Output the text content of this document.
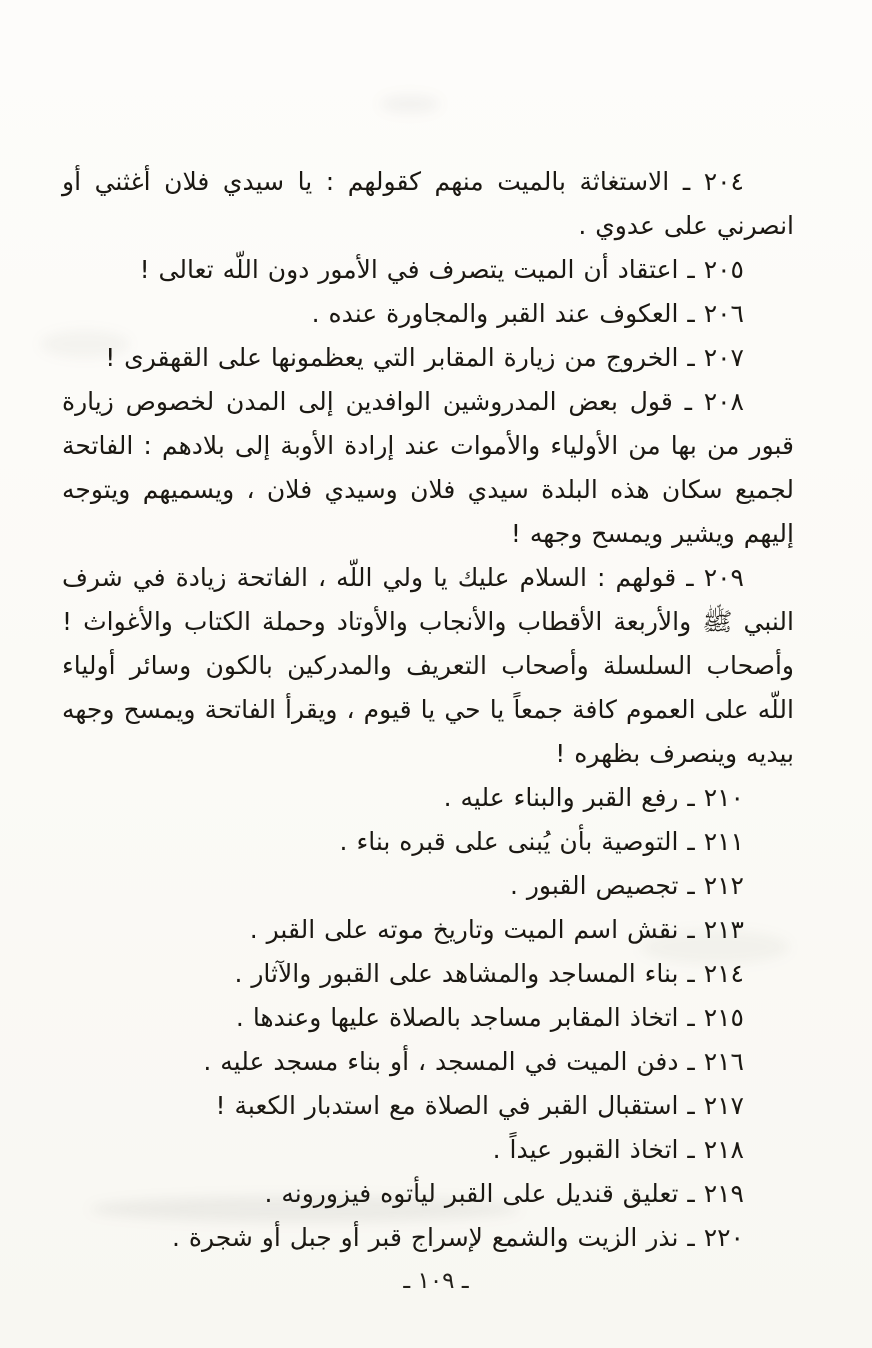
٢٠٤ ـ الاستغاثة بالميت منهم كقولهم : يا سيدي فلان أغثني أو انصرني على عدوي .

٢٠٥ ـ اعتقاد أن الميت يتصرف في الأمور دون اللّه تعالى !

٢٠٦ ـ العكوف عند القبر والمجاورة عنده .

٢٠٧ ـ الخروج من زيارة المقابر التي يعظمونها على القهقرى !

٢٠٨ ـ قول بعض المدروشين الوافدين إلى المدن لخصوص زيارة قبور من بها من الأولياء والأموات عند إرادة الأوبة إلى بلادهم : الفاتحة لجميع سكان هذه البلدة سيدي فلان وسيدي فلان ، ويسميهم ويتوجه إليهم ويشير ويمسح وجهه !

٢٠٩ ـ قولهم : السلام عليك يا ولي اللّه ، الفاتحة زيادة في شرف النبي ﷺ والأربعة الأقطاب والأنجاب والأوتاد وحملة الكتاب والأغواث ! وأصحاب السلسلة وأصحاب التعريف والمدركين بالكون وسائر أولياء اللّه على العموم كافة جمعاً يا حي يا قيوم ، ويقرأ الفاتحة ويمسح وجهه بيديه وينصرف بظهره !

٢١٠ ـ رفع القبر والبناء عليه .

٢١١ ـ التوصية بأن يُبنى على قبره بناء .

٢١٢ ـ تجصيص القبور .

٢١٣ ـ نقش اسم الميت وتاريخ موته على القبر .

٢١٤ ـ بناء المساجد والمشاهد على القبور والآثار .

٢١٥ ـ اتخاذ المقابر مساجد بالصلاة عليها وعندها .

٢١٦ ـ دفن الميت في المسجد ، أو بناء مسجد عليه .

٢١٧ ـ استقبال القبر في الصلاة مع استدبار الكعبة !

٢١٨ ـ اتخاذ القبور عيداً .

٢١٩ ـ تعليق قنديل على القبر ليأتوه فيزورونه .

٢٢٠ ـ نذر الزيت والشمع لإسراج قبر أو جبل أو شجرة .

ـ ١٠٩ ـ
